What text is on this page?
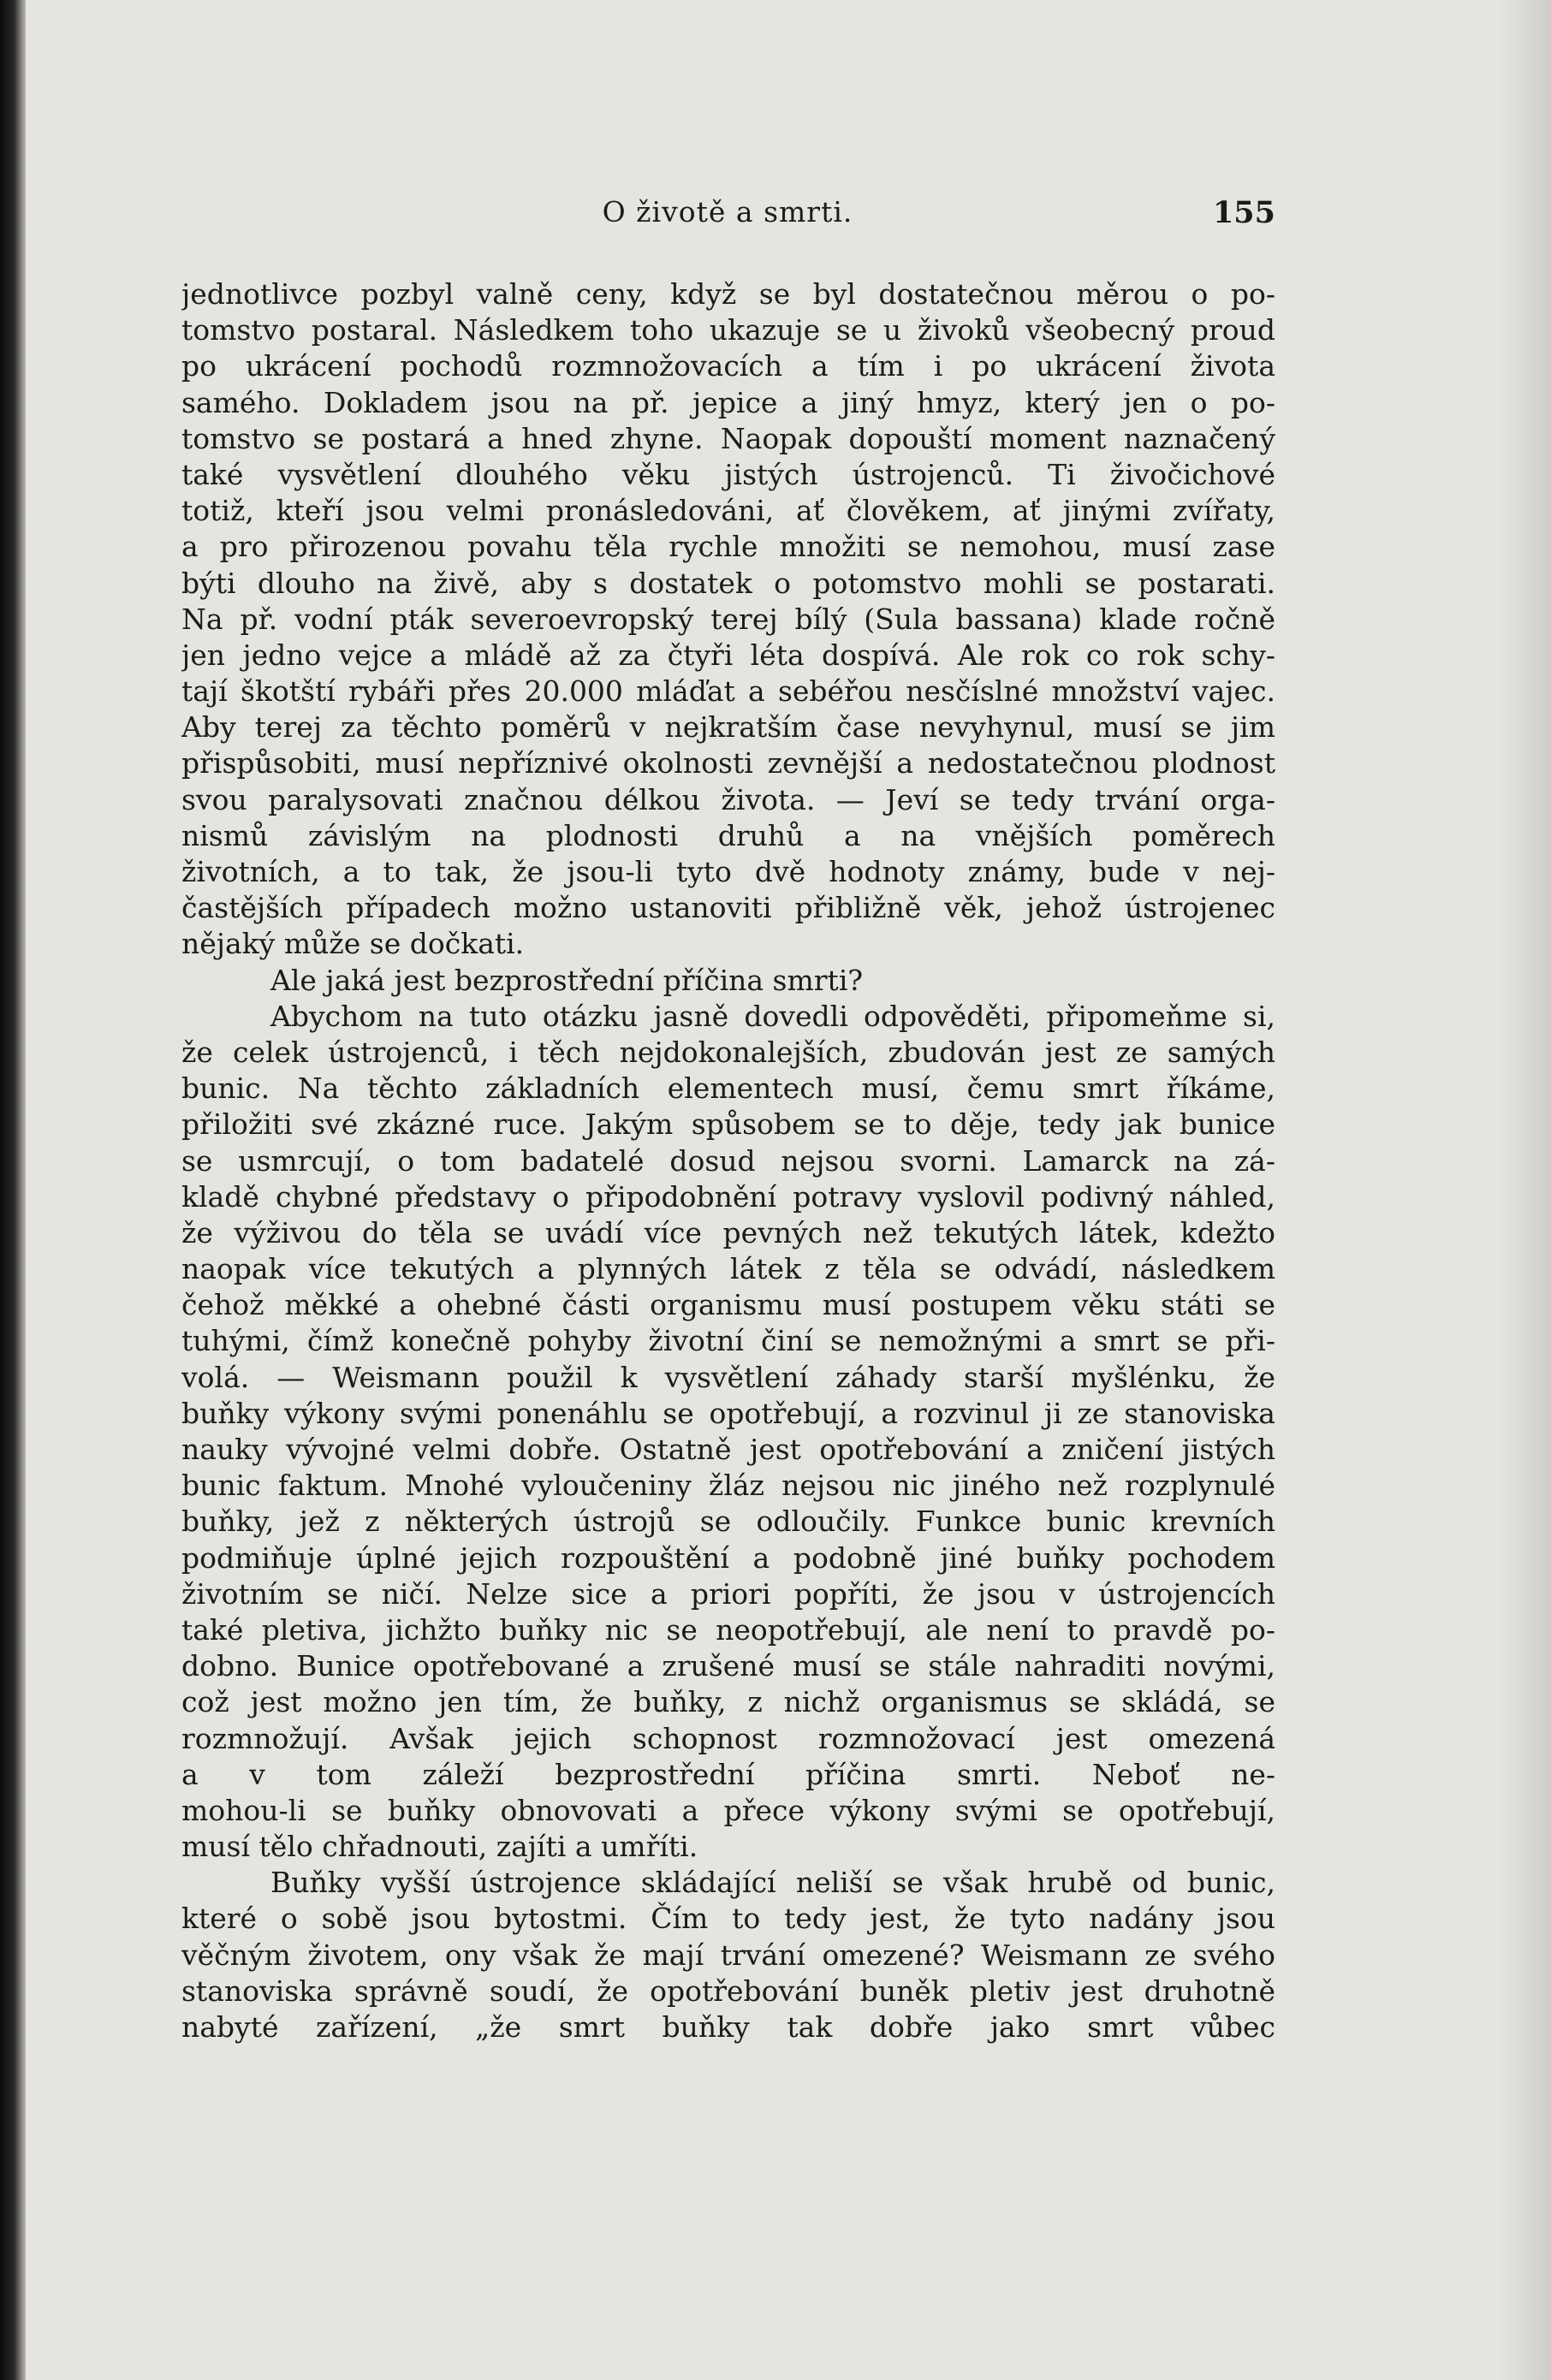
O životě a smrti.	155
jednotlivce pozbyl valně ceny, když se byl dostatečnou měrou o po-
tomstvo postaral. Následkem toho ukazuje se u živoků všeobecný proud
po ukrácení pochodů rozmnožovacích a tím i po ukrácení života
samého. Dokladem jsou na př. jepice a jiný hmyz, který jen o po-
tomstvo se postará a hned zhyne. Naopak dopouští moment naznačený
také vysvětlení dlouhého věku jistých ústrojenců. Ti živočichové
totiž, kteří jsou velmi pronásledováni, ať člověkem, ať jinými zvířaty,
a pro přirozenou povahu těla rychle množiti se nemohou, musí zase
býti dlouho na živě, aby s dostatek o potomstvo mohli se postarati.
Na př. vodní pták severoevropský terej bílý (Sula bassana) klade ročně
jen jedno vejce a mládě až za čtyři léta dospívá. Ale rok co rok schy-
tají škotští rybáři přes 20.000 mláďat a sebéřou nesčíslné množství vajec.
Aby terej za těchto poměrů v nejkratším čase nevyhynul, musí se jim
přispůsobiti, musí nepříznivé okolnosti zevnější a nedostatečnou plodnost
svou paralysovati značnou délkou života. — Jeví se tedy trvání orga-
nismů závislým na plodnosti druhů a na vnějších poměrech
životních, a to tak, že jsou-li tyto dvě hodnoty známy, bude v nej-
častějších případech možno ustanoviti přibližně věk, jehož ústrojenec
nějaký může se dočkati.
Ale jaká jest bezprostřední příčina smrti?
Abychom na tuto otázku jasně dovedli odpověděti, připomeňme si,
že celek ústrojenců, i těch nejdokonalejších, zbudován jest ze samých
bunic. Na těchto základních elementech musí, čemu smrt říkáme,
přiložiti své zkázné ruce. Jakým spůsobem se to děje, tedy jak bunice
se usmrcují, o tom badatelé dosud nejsou svorni. Lamarck na zá-
kladě chybné představy o připodobnění potravy vyslovil podivný náhled,
že výživou do těla se uvádí více pevných než tekutých látek, kdežto
naopak více tekutých a plynných látek z těla se odvádí, následkem
čehož měkké a ohebné části organismu musí postupem věku státi se
tuhými, čímž konečně pohyby životní činí se nemožnými a smrt se při-
volá. — Weismann použil k vysvětlení záhady starší myšlénku, že
buňky výkony svými ponenáhlu se opotřebují, a rozvinul ji ze stanoviska
nauky vývojné velmi dobře. Ostatně jest opotřebování a zničení jistých
bunic faktum. Mnohé vyloučeniny žláz nejsou nic jiného než rozplynulé
buňky, jež z některých ústrojů se odloučily. Funkce bunic krevních
podmiňuje úplné jejich rozpouštění a podobně jiné buňky pochodem
životním se ničí. Nelze sice a priori popříti, že jsou v ústrojencích
také pletiva, jichžto buňky nic se neopotřebují, ale není to pravdě po-
dobno. Bunice opotřebované a zrušené musí se stále nahraditi novými,
což jest možno jen tím, že buňky, z nichž organismus se skládá, se
rozmnožují. Avšak jejich schopnost rozmnožovací jest omezená
a v tom záleží bezprostřední příčina smrti. Neboť ne-
mohou-li se buňky obnovovati a přece výkony svými se opotřebují,
musí tělo chřadnouti, zajíti a umříti.
Buňky vyšší ústrojence skládající neliší se však hrubě od bunic,
které o sobě jsou bytostmi. Čím to tedy jest, že tyto nadány jsou
věčným životem, ony však že mají trvání omezené? Weismann ze svého
stanoviska správně soudí, že opotřebování buněk pletiv jest druhotně
nabyté zařízení, „že smrt buňky tak dobře jako smrt vůbec
